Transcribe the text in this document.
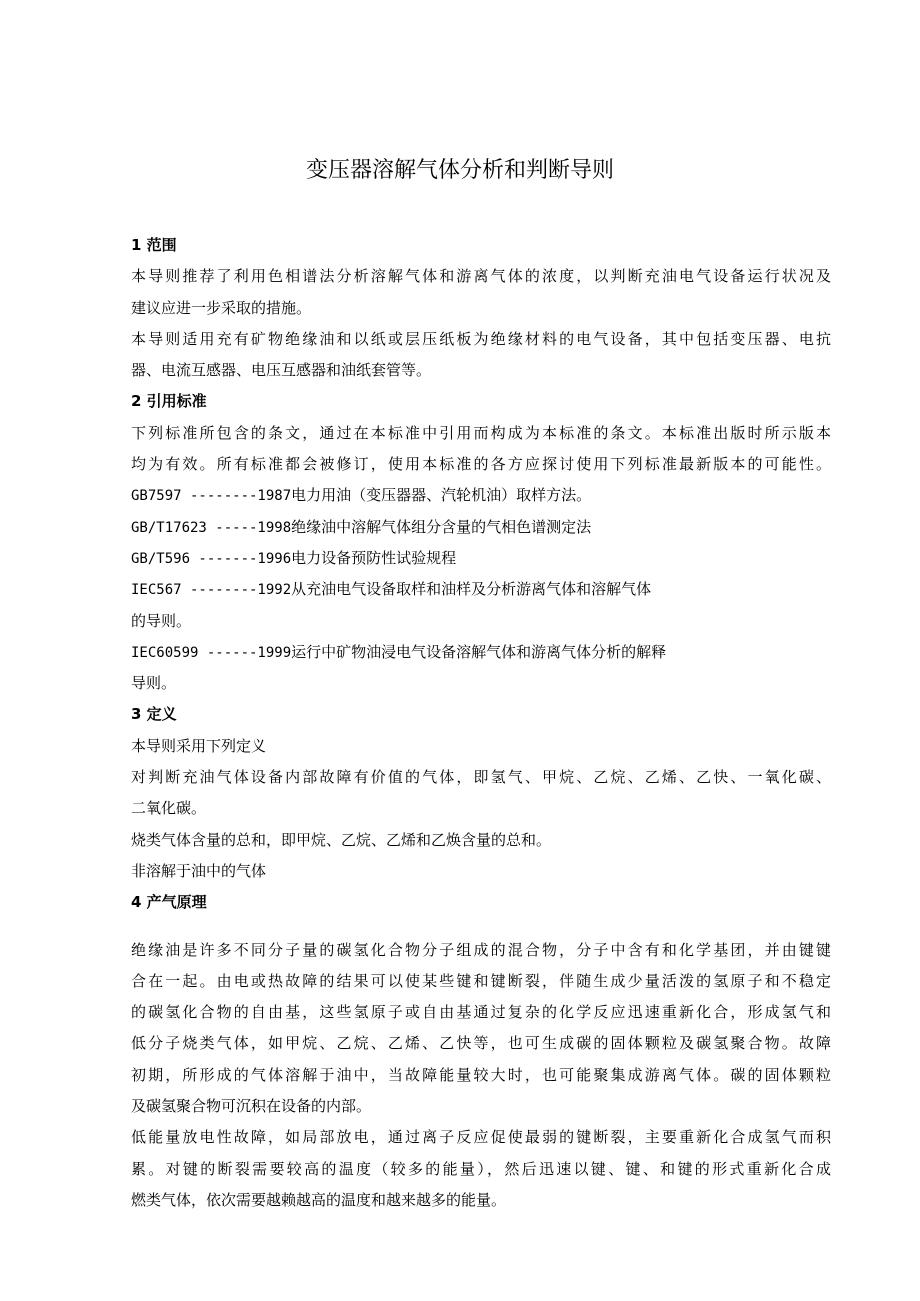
变压器溶解气体分析和判断导则
1 范围
本导则推荐了利用色相谱法分析溶解气体和游离气体的浓度，以判断充油电气设备运行状况及
建议应进一步采取的措施。
本导则适用充有矿物绝缘油和以纸或层压纸板为绝缘材料的电气设备，其中包括变压器、电抗
器、电流互感器、电压互感器和油纸套管等。
2 引用标准
下列标准所包含的条文，通过在本标准中引用而构成为本标准的条文。本标准出版时所示版本
均为有效。所有标准都会被修订，使用本标准的各方应探讨使用下列标准最新版本的可能性。
GB7597 --------1987电力用油（变压器器、汽轮机油）取样方法。
GB/T17623 -----1998绝缘油中溶解气体组分含量的气相色谱测定法
GB/T596 -------1996电力设备预防性试验规程
IEC567 --------1992从充油电气设备取样和油样及分析游离气体和溶解气体
的导则。
IEC60599 ------1999运行中矿物油浸电气设备溶解气体和游离气体分析的解释
导则。
3 定义
本导则采用下列定义
对判断充油气体设备内部故障有价值的气体，即氢气、甲烷、乙烷、乙烯、乙快、一氧化碳、
二氧化碳。
烧类气体含量的总和，即甲烷、乙烷、乙烯和乙焕含量的总和。
非溶解于油中的气体
4 产气原理
绝缘油是许多不同分子量的碳氢化合物分子组成的混合物，分子中含有和化学基团，并由键键
合在一起。由电或热故障的结果可以使某些键和键断裂，伴随生成少量活泼的氢原子和不稳定
的碳氢化合物的自由基，这些氢原子或自由基通过复杂的化学反应迅速重新化合，形成氢气和
低分子烧类气体，如甲烷、乙烷、乙烯、乙快等，也可生成碳的固体颗粒及碳氢聚合物。故障
初期，所形成的气体溶解于油中，当故障能量较大时，也可能聚集成游离气体。碳的固体颗粒
及碳氢聚合物可沉积在设备的内部。
低能量放电性故障，如局部放电，通过离子反应促使最弱的键断裂，主要重新化合成氢气而积
累。对键的断裂需要较高的温度（较多的能量），然后迅速以键、键、和键的形式重新化合成
燃类气体，依次需要越赖越高的温度和越来越多的能量。
